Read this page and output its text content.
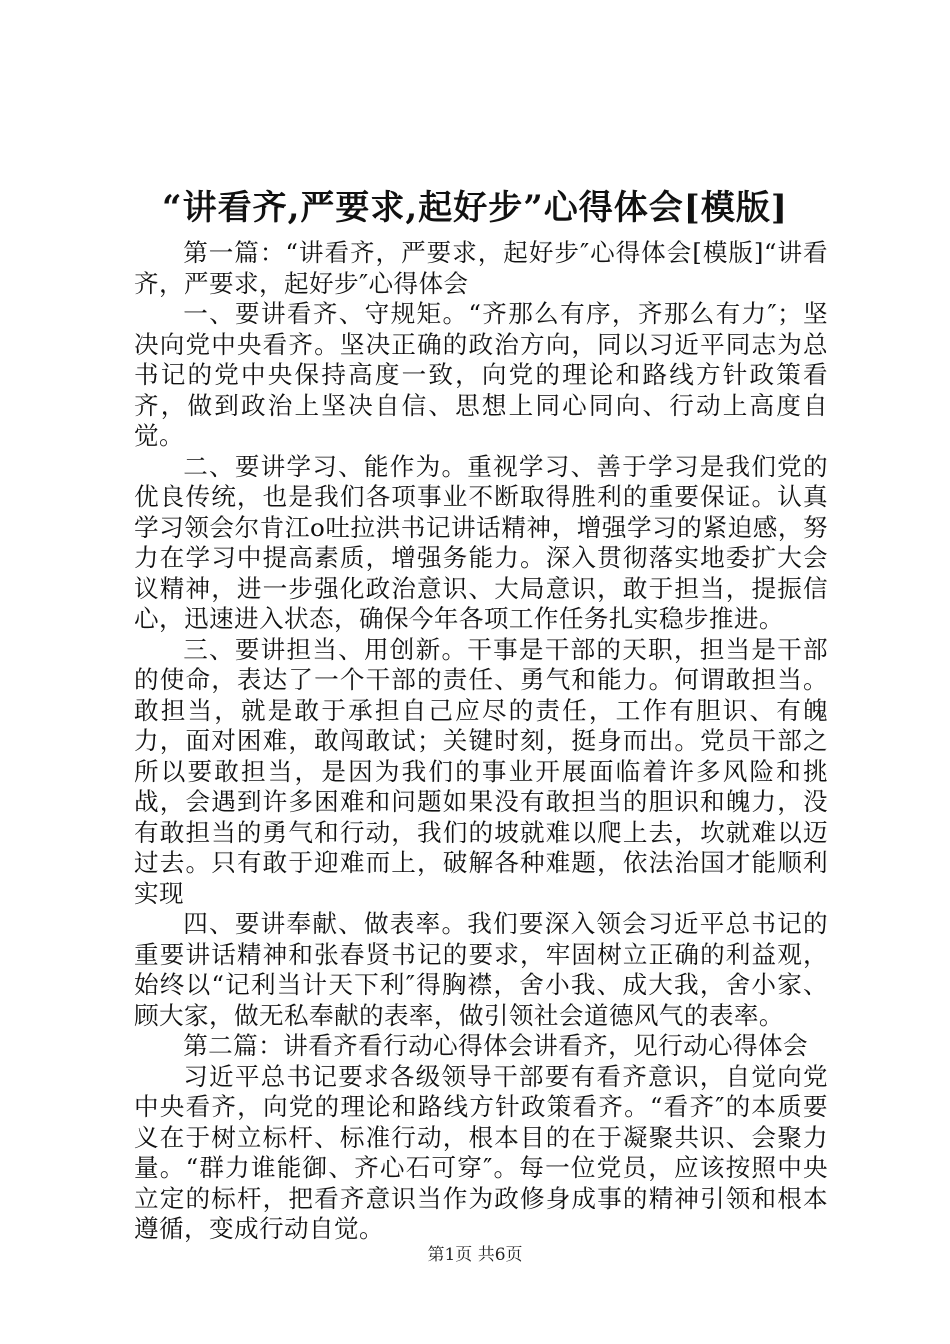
“讲看齐,严要求,起好步”心得体会[模版]

第一篇：“讲看齐，严要求，起好步″心得体会[模版]“讲看齐，严要求，起好步″心得体会

一、要讲看齐、守规矩。“齐那么有序，齐那么有力″；坚决向党中央看齐。坚决正确的政治方向，同以习近平同志为总书记的党中央保持高度一致，向党的理论和路线方针政策看齐，做到政治上坚决自信、思想上同心同向、行动上高度自觉。

二、要讲学习、能作为。重视学习、善于学习是我们党的优良传统，也是我们各项事业不断取得胜利的重要保证。认真学习领会尔肯江ο吐拉洪书记讲话精神，增强学习的紧迫感，努力在学习中提高素质，增强务能力。深入贯彻落实地委扩大会议精神，进一步强化政治意识、大局意识，敢于担当，提振信心，迅速进入状态，确保今年各项工作任务扎实稳步推进。

三、要讲担当、用创新。干事是干部的天职，担当是干部的使命，表达了一个干部的责任、勇气和能力。何谓敢担当。敢担当，就是敢于承担自己应尽的责任，工作有胆识、有魄力，面对困难，敢闯敢试；关键时刻，挺身而出。党员干部之所以要敢担当，是因为我们的事业开展面临着许多风险和挑战，会遇到许多困难和问题如果没有敢担当的胆识和魄力，没有敢担当的勇气和行动，我们的坡就难以爬上去，坎就难以迈过去。只有敢于迎难而上，破解各种难题，依法治国才能顺利实现

四、要讲奉献、做表率。我们要深入领会习近平总书记的重要讲话精神和张春贤书记的要求，牢固树立正确的利益观，始终以“记利当计天下利″得胸襟，舍小我、成大我，舍小家、顾大家，做无私奉献的表率，做引领社会道德风气的表率。

第二篇：讲看齐看行动心得体会讲看齐，见行动心得体会

习近平总书记要求各级领导干部要有看齐意识，自觉向党中央看齐，向党的理论和路线方针政策看齐。“看齐″的本质要义在于树立标杆、标准行动，根本目的在于凝聚共识、会聚力量。“群力谁能御、齐心石可穿″。每一位党员，应该按照中央立定的标杆，把看齐意识当作为政修身成事的精神引领和根本遵循，变成行动自觉。

第1页 共6页
